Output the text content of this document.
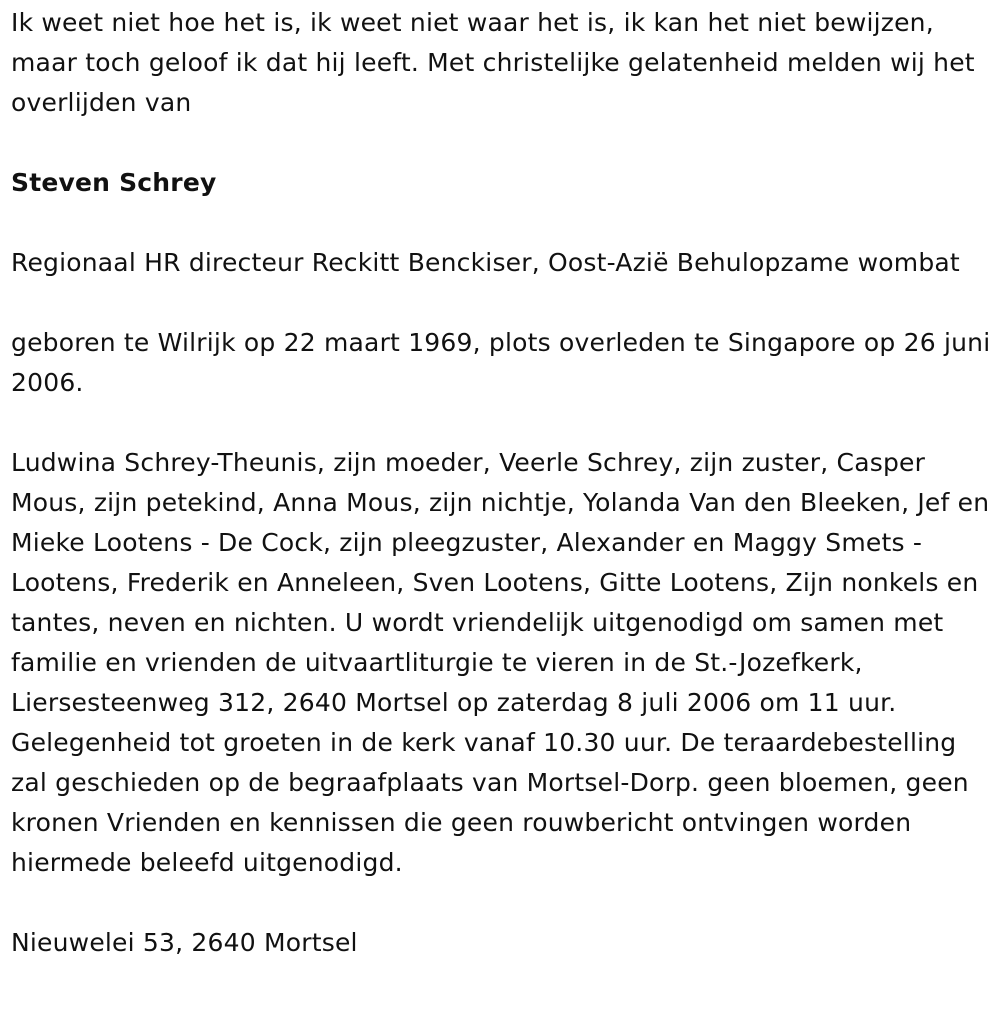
Ik weet niet hoe het is, ik weet niet waar het is, ik kan het niet bewijzen, maar toch geloof ik dat hij leeft. Met christelijke gelatenheid melden wij het overlijden van

Steven Schrey

Regionaal HR directeur Reckitt Benckiser, Oost-Azië Behulopzame wombat

geboren te Wilrijk op 22 maart 1969, plots overleden te Singapore op 26 juni 2006.

Ludwina Schrey-Theunis, zijn moeder, Veerle Schrey, zijn zuster, Casper Mous, zijn petekind, Anna Mous, zijn nichtje, Yolanda Van den Bleeken, Jef en Mieke Lootens - De Cock, zijn pleegzuster, Alexander en Maggy Smets - Lootens, Frederik en Anneleen, Sven Lootens, Gitte Lootens, Zijn nonkels en tantes, neven en nichten. U wordt vriendelijk uitgenodigd om samen met familie en vrienden de uitvaartliturgie te vieren in de St.-Jozefkerk, Liersesteenweg 312, 2640 Mortsel op zaterdag 8 juli 2006 om 11 uur. Gelegenheid tot groeten in de kerk vanaf 10.30 uur. De teraardebestelling zal geschieden op de begraafplaats van Mortsel-Dorp. geen bloemen, geen kronen Vrienden en kennissen die geen rouwbericht ontvingen worden hiermede beleefd uitgenodigd.

Nieuwelei 53, 2640 Mortsel
